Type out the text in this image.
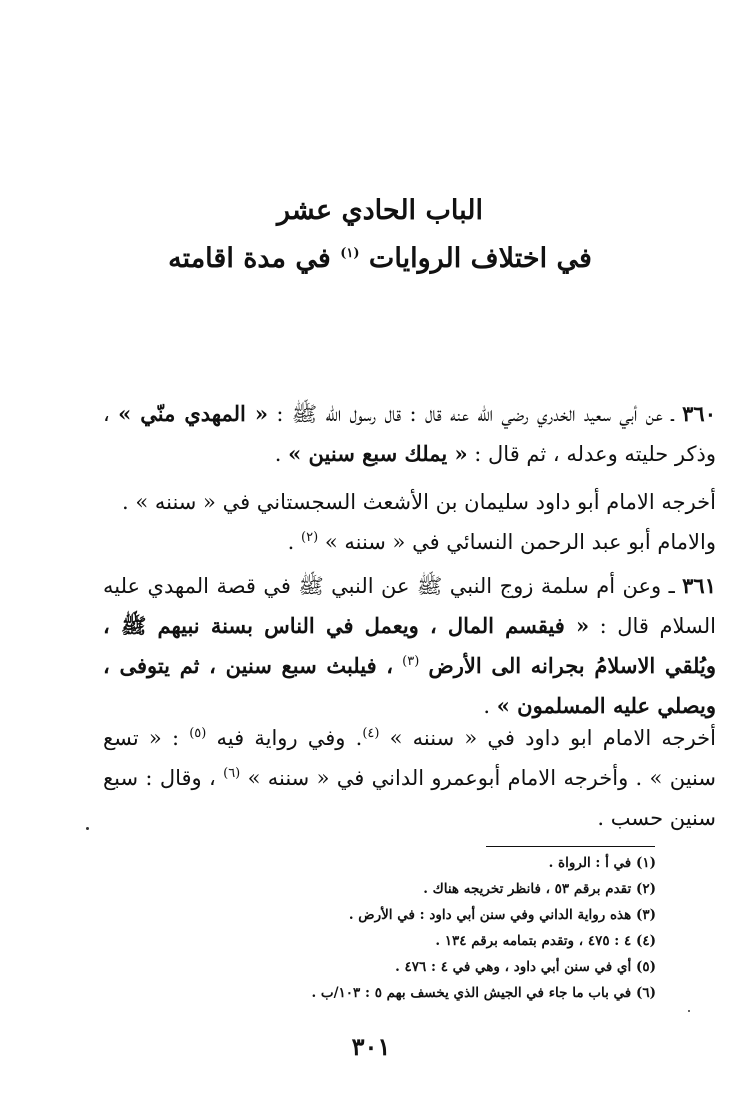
الباب الحادي عشر
في اختلاف الروايات $^{(١)}$ في مدة اقامته
٣٦٠ ـ عن أبي سعيد الخدري رضي الله عنه قال : قال رسول الله ﷺ : « المهدي منّي » ، وذكر حليته وعدله ، ثم قال : « يملك سبع سنين » .
أخرجه الامام أبو داود سليمان بن الأشعث السجستاني في « سننه » .
والامام أبو عبد الرحمن النسائي في « سننه » $^{(٢)}$ .
٣٦١ ـ وعن أم سلمة زوج النبي ﷺ عن النبي ﷺ في قصة المهدي عليه السلام قال : « فيقسم المال ، ويعمل في الناس بسنة نبيهم ﷺ ، ويُلقي الاسلامُ بجرانه الى الأرض $^{(٣)}$ ، فيلبث سبع سنين ، ثم يتوفى ، ويصلي عليه المسلمون » .
أخرجه الامام ابو داود في « سننه » $^{(٤)}$. وفي رواية فيه $^{(٥)}$ : « تسع سنين » . وأخرجه الامام أبوعمرو الداني في « سننه » $^{(٦)}$ ، وقال : سبع سنين حسب .
(١) في أ : الرواة .
(٢) تقدم برقم ٥٣ ، فانظر تخريجه هناك .
(٣) هذه رواية الداني وفي سنن أبي داود : في الأرض .
(٤) ٤ : ٤٧٥ ، وتقدم بتمامه برقم ١٣٤ .
(٥) أي في سنن أبي داود ، وهي في ٤ : ٤٧٦ .
(٦) في باب ما جاء في الجيش الذي يخسف بهم ٥ : ١٠٣/ب .
٣٠١
